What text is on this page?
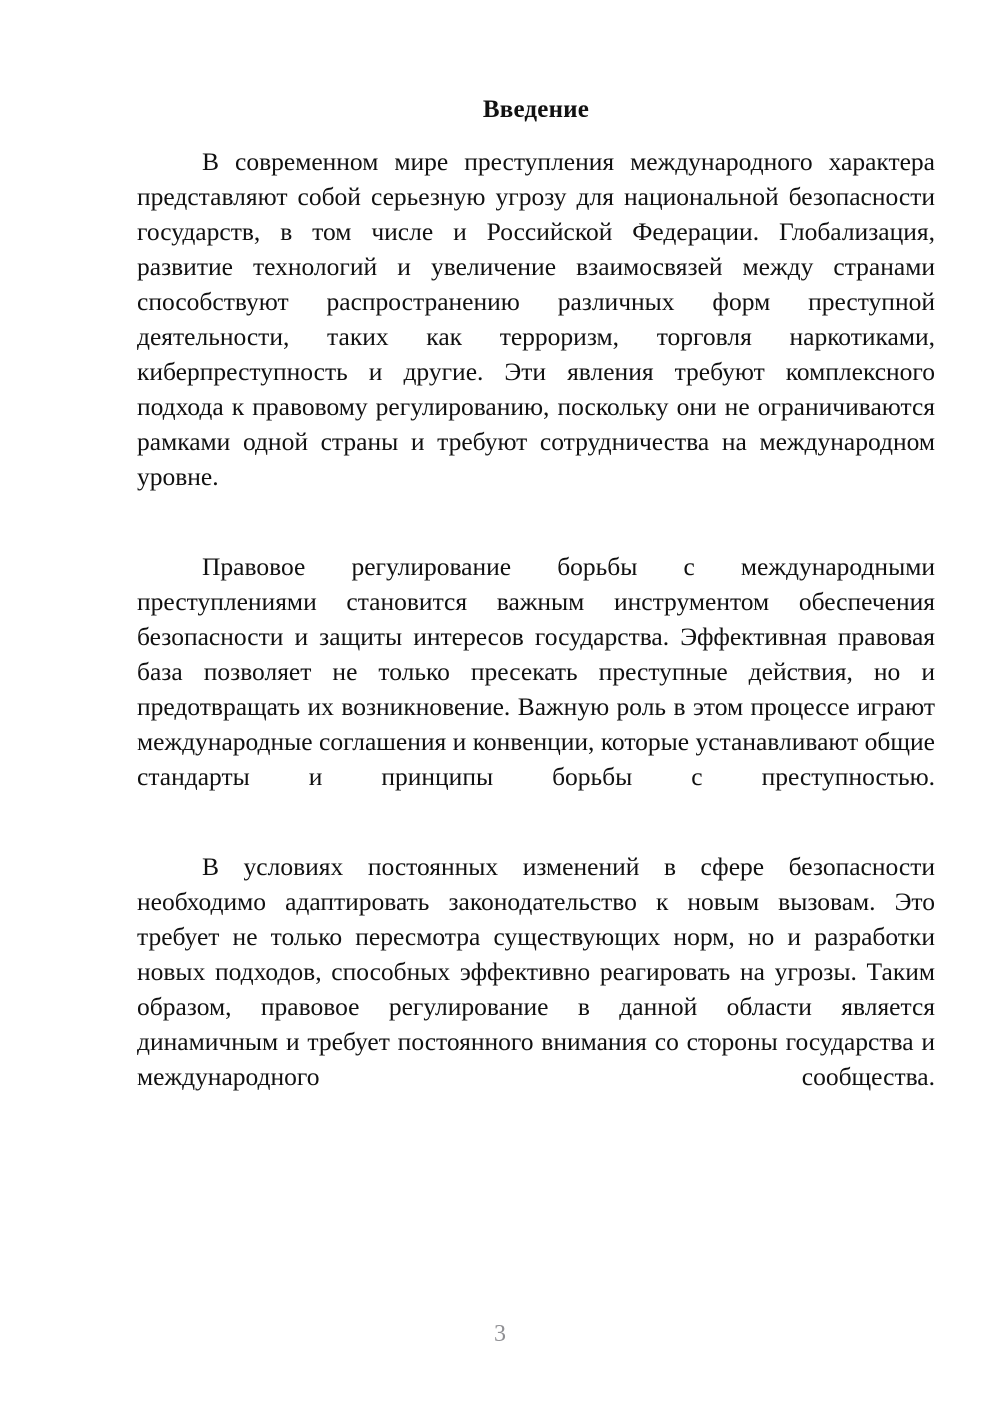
Введение

В современном мире преступления международного характера представляют собой серьезную угрозу для национальной безопасности государств, в том числе и Российской Федерации. Глобализация, развитие технологий и увеличение взаимосвязей между странами способствуют распространению различных форм преступной деятельности, таких как терроризм, торговля наркотиками, киберпреступность и другие. Эти явления требуют комплексного подхода к правовому регулированию, поскольку они не ограничиваются рамками одной страны и требуют сотрудничества на международном уровне.

Правовое регулирование борьбы с международными преступлениями становится важным инструментом обеспечения безопасности и защиты интересов государства. Эффективная правовая база позволяет не только пресекать преступные действия, но и предотвращать их возникновение. Важную роль в этом процессе играют международные соглашения и конвенции, которые устанавливают общие стандарты и принципы борьбы с преступностью.

В условиях постоянных изменений в сфере безопасности необходимо адаптировать законодательство к новым вызовам. Это требует не только пересмотра существующих норм, но и разработки новых подходов, способных эффективно реагировать на угрозы. Таким образом, правовое регулирование в данной области является динамичным и требует постоянного внимания со стороны государства и международного сообщества.

3
